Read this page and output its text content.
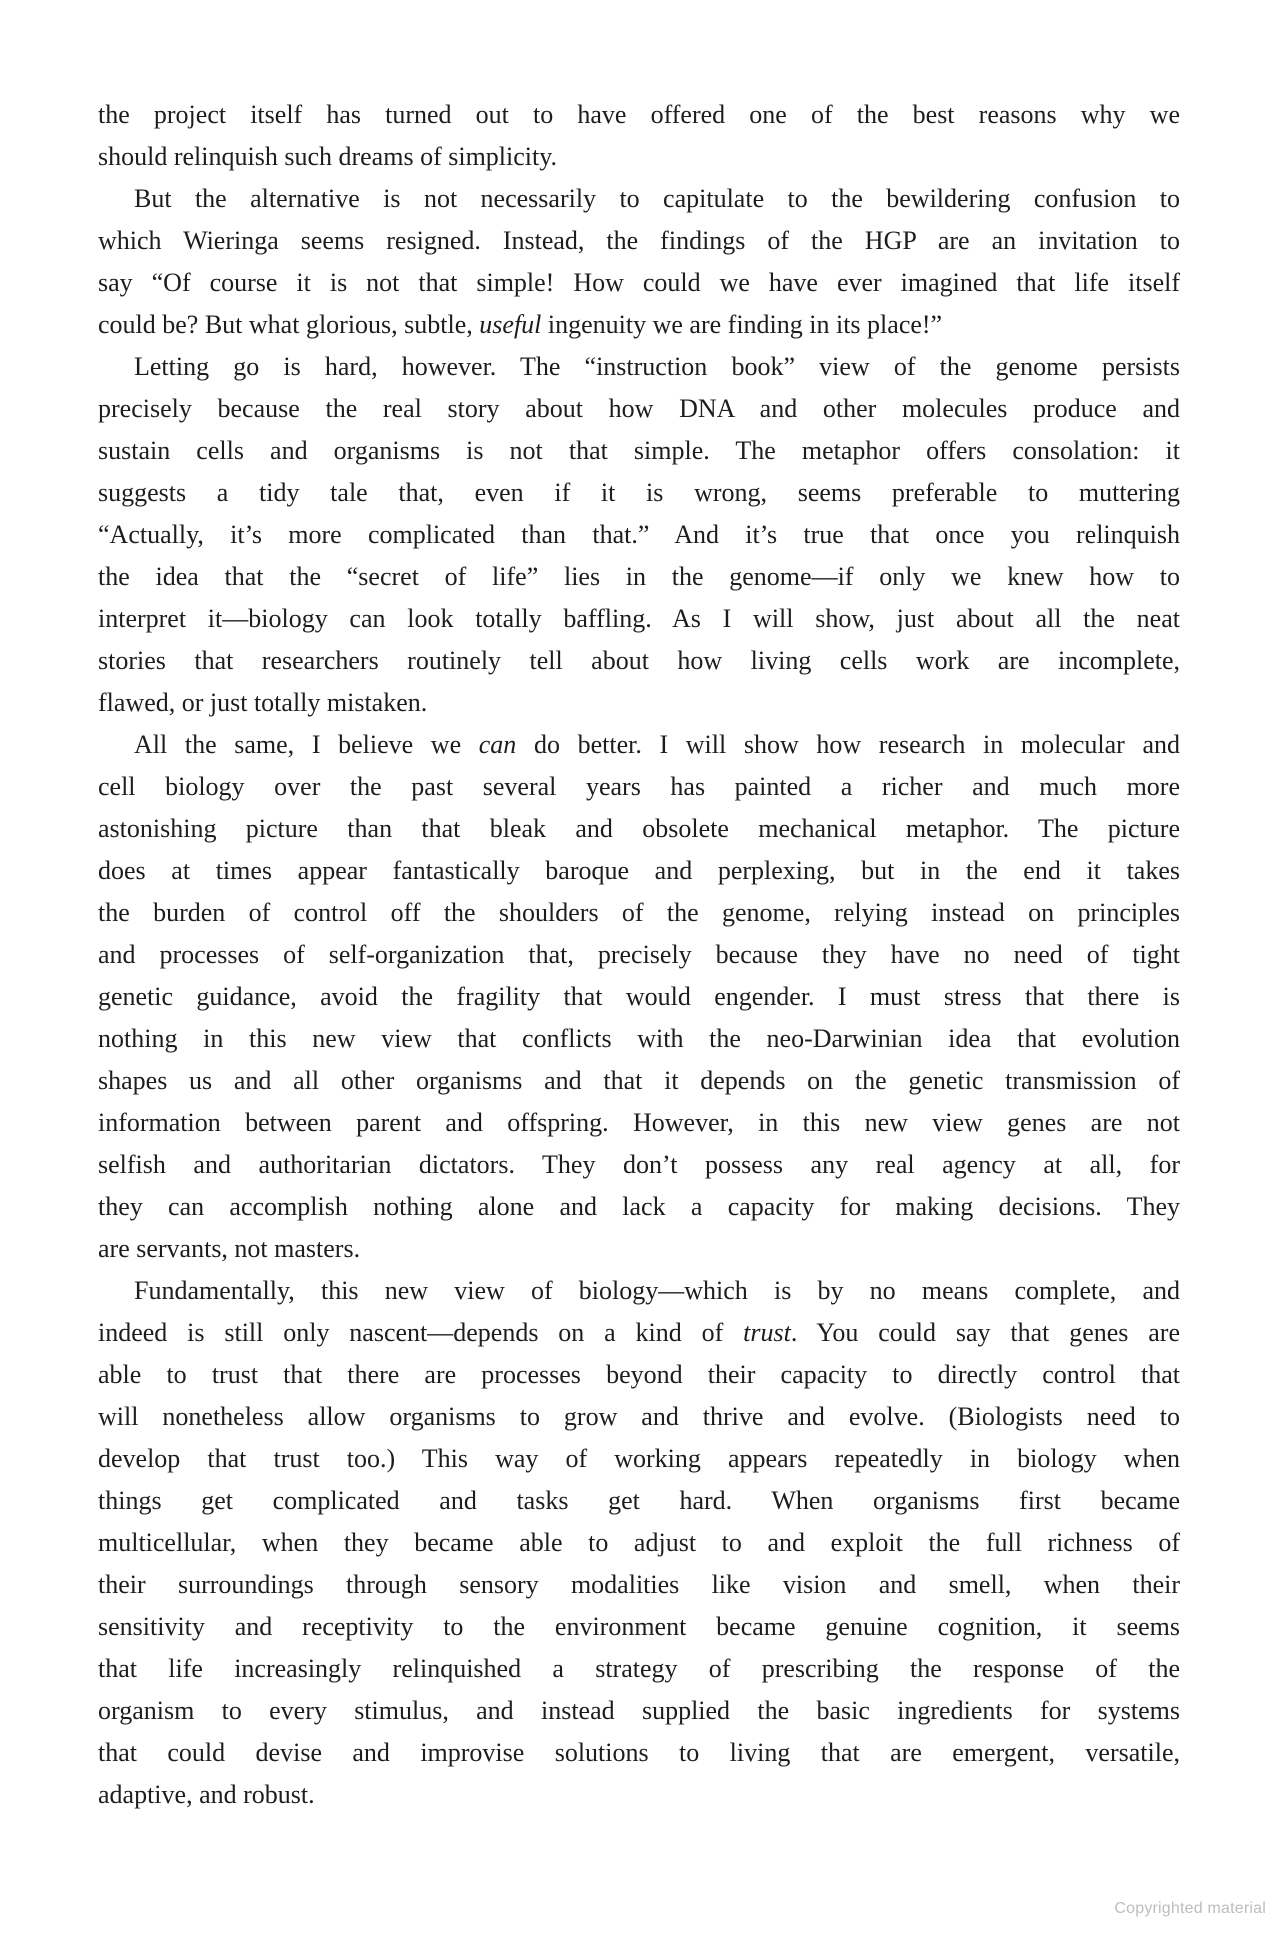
the project itself has turned out to have offered one of the best reasons why we
should relinquish such dreams of simplicity.
But the alternative is not necessarily to capitulate to the bewildering confusion to
which Wieringa seems resigned. Instead, the findings of the HGP are an invitation to
say “Of course it is not that simple! How could we have ever imagined that life itself
could be? But what glorious, subtle, useful ingenuity we are finding in its place!”
Letting go is hard, however. The “instruction book” view of the genome persists
precisely because the real story about how DNA and other molecules produce and
sustain cells and organisms is not that simple. The metaphor offers consolation: it
suggests a tidy tale that, even if it is wrong, seems preferable to muttering
“Actually, it’s more complicated than that.” And it’s true that once you relinquish
the idea that the “secret of life” lies in the genome—if only we knew how to
interpret it—biology can look totally baffling. As I will show, just about all the neat
stories that researchers routinely tell about how living cells work are incomplete,
flawed, or just totally mistaken.
All the same, I believe we can do better. I will show how research in molecular and
cell biology over the past several years has painted a richer and much more
astonishing picture than that bleak and obsolete mechanical metaphor. The picture
does at times appear fantastically baroque and perplexing, but in the end it takes
the burden of control off the shoulders of the genome, relying instead on principles
and processes of self-organization that, precisely because they have no need of tight
genetic guidance, avoid the fragility that would engender. I must stress that there is
nothing in this new view that conflicts with the neo-Darwinian idea that evolution
shapes us and all other organisms and that it depends on the genetic transmission of
information between parent and offspring. However, in this new view genes are not
selfish and authoritarian dictators. They don’t possess any real agency at all, for
they can accomplish nothing alone and lack a capacity for making decisions. They
are servants, not masters.
Fundamentally, this new view of biology—which is by no means complete, and
indeed is still only nascent—depends on a kind of trust. You could say that genes are
able to trust that there are processes beyond their capacity to directly control that
will nonetheless allow organisms to grow and thrive and evolve. (Biologists need to
develop that trust too.) This way of working appears repeatedly in biology when
things get complicated and tasks get hard. When organisms first became
multicellular, when they became able to adjust to and exploit the full richness of
their surroundings through sensory modalities like vision and smell, when their
sensitivity and receptivity to the environment became genuine cognition, it seems
that life increasingly relinquished a strategy of prescribing the response of the
organism to every stimulus, and instead supplied the basic ingredients for systems
that could devise and improvise solutions to living that are emergent, versatile,
adaptive, and robust.
Copyrighted material
